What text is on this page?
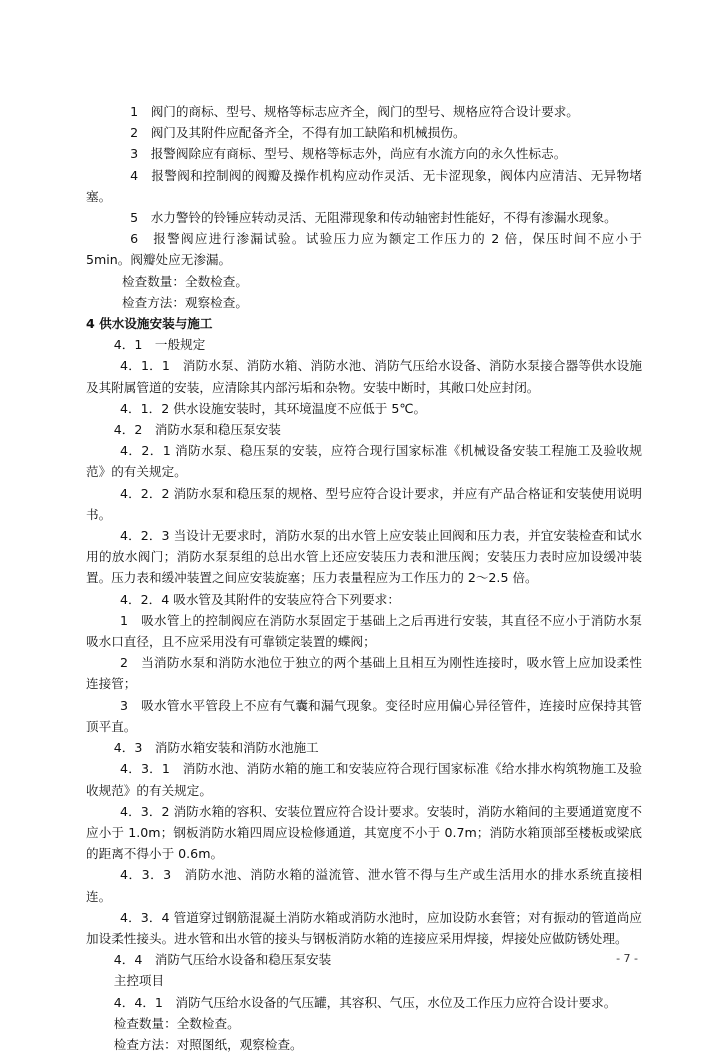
1　阀门的商标、型号、规格等标志应齐全，阀门的型号、规格应符合设计要求。

2　阀门及其附件应配备齐全，不得有加工缺陷和机械损伤。

3　报警阀除应有商标、型号、规格等标志外，尚应有水流方向的永久性标志。

4　报警阀和控制阀的阀瓣及操作机构应动作灵活、无卡涩现象，阀体内应清洁、无异物堵塞。

5　水力警铃的铃锤应转动灵活、无阻滞现象和传动轴密封性能好，不得有渗漏水现象。

6　报警阀应进行渗漏试验。试验压力应为额定工作压力的 2 倍，保压时间不应小于 5min。阀瓣处应无渗漏。

检查数量：全数检查。

检查方法：观察检查。

4 供水设施安装与施工

4．1　一般规定

4．1．1　消防水泵、消防水箱、消防水池、消防气压给水设备、消防水泵接合器等供水设施及其附属管道的安装，应清除其内部污垢和杂物。安装中断时，其敞口处应封闭。

4．1．2 供水设施安装时，其环境温度不应低于 5℃。

4．2　消防水泵和稳压泵安装

4．2．1 消防水泵、稳压泵的安装，应符合现行国家标准《机械设备安装工程施工及验收规范》的有关规定。

4．2．2 消防水泵和稳压泵的规格、型号应符合设计要求，并应有产品合格证和安装使用说明书。

4．2．3 当设计无要求时，消防水泵的出水管上应安装止回阀和压力表，并宜安装检查和试水用的放水阀门；消防水泵泵组的总出水管上还应安装压力表和泄压阀；安装压力表时应加设缓冲装置。压力表和缓冲装置之间应安装旋塞；压力表量程应为工作压力的 2～2.5 倍。

4．2．4 吸水管及其附件的安装应符合下列要求：

1　吸水管上的控制阀应在消防水泵固定于基础上之后再进行安装，其直径不应小于消防水泵吸水口直径，且不应采用没有可靠锁定装置的蝶阀；

2　当消防水泵和消防水池位于独立的两个基础上且相互为刚性连接时，吸水管上应加设柔性连接管；

3　吸水管水平管段上不应有气囊和漏气现象。变径时应用偏心异径管件，连接时应保持其管顶平直。

4．3　消防水箱安装和消防水池施工

4．3．1　消防水池、消防水箱的施工和安装应符合现行国家标准《给水排水构筑物施工及验收规范》的有关规定。

4．3．2 消防水箱的容积、安装位置应符合设计要求。安装时，消防水箱间的主要通道宽度不应小于 1.0m；钢板消防水箱四周应设检修通道，其宽度不小于 0.7m；消防水箱顶部至楼板或梁底的距离不得小于 0.6m。

4．3．3　消防水池、消防水箱的溢流管、泄水管不得与生产或生活用水的排水系统直接相连。

4．3．4 管道穿过钢筋混凝土消防水箱或消防水池时，应加设防水套管；对有振动的管道尚应加设柔性接头。进水管和出水管的接头与钢板消防水箱的连接应采用焊接，焊接处应做防锈处理。

4．4　消防气压给水设备和稳压泵安装

主控项目

4．4．1　消防气压给水设备的气压罐，其容积、气压，水位及工作压力应符合设计要求。

检查数量：全数检查。

检查方法：对照图纸，观察检查。

- 7 -
